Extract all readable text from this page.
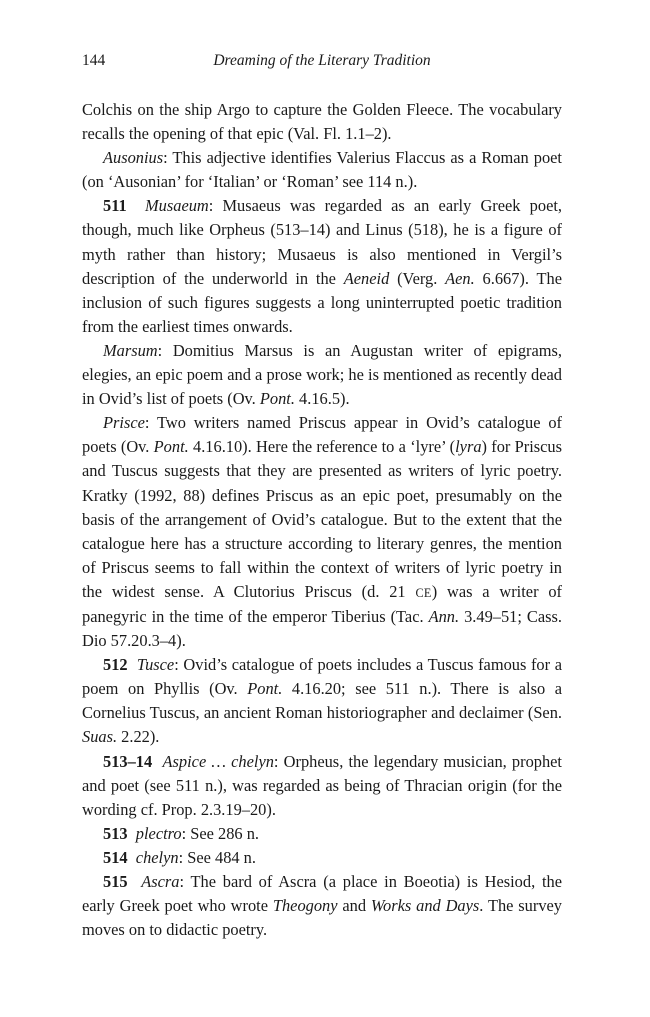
144	Dreaming of the Literary Tradition

Colchis on the ship Argo to capture the Golden Fleece. The vocabulary recalls the opening of that epic (Val. Fl. 1.1–2).

Ausonius: This adjective identifies Valerius Flaccus as a Roman poet (on ‘Ausonian’ for ‘Italian’ or ‘Roman’ see 114 n.).

511 Musaeum: Musaeus was regarded as an early Greek poet, though, much like Orpheus (513–14) and Linus (518), he is a figure of myth rather than history; Musaeus is also mentioned in Vergil’s description of the underworld in the Aeneid (Verg. Aen. 6.667). The inclusion of such figures suggests a long uninterrupted poetic tradition from the earliest times onwards.

Marsum: Domitius Marsus is an Augustan writer of epigrams, elegies, an epic poem and a prose work; he is mentioned as recently dead in Ovid’s list of poets (Ov. Pont. 4.16.5).

Prisce: Two writers named Priscus appear in Ovid’s catalogue of poets (Ov. Pont. 4.16.10). Here the reference to a ‘lyre’ (lyra) for Priscus and Tuscus suggests that they are presented as writers of lyric poetry. Kratky (1992, 88) defines Priscus as an epic poet, presumably on the basis of the arrangement of Ovid’s catalogue. But to the extent that the catalogue here has a structure according to literary genres, the mention of Priscus seems to fall within the context of writers of lyric poetry in the widest sense. A Clutorius Priscus (d. 21 CE) was a writer of panegyric in the time of the emperor Tiberius (Tac. Ann. 3.49–51; Cass. Dio 57.20.3–4).

512 Tusce: Ovid’s catalogue of poets includes a Tuscus famous for a poem on Phyllis (Ov. Pont. 4.16.20; see 511 n.). There is also a Cornelius Tuscus, an ancient Roman historiographer and declaimer (Sen. Suas. 2.22).

513–14 Aspice … chelyn: Orpheus, the legendary musician, prophet and poet (see 511 n.), was regarded as being of Thracian origin (for the wording cf. Prop. 2.3.19–20).

513 plectro: See 286 n.

514 chelyn: See 484 n.

515 Ascra: The bard of Ascra (a place in Boeotia) is Hesiod, the early Greek poet who wrote Theogony and Works and Days. The survey moves on to didactic poetry.
